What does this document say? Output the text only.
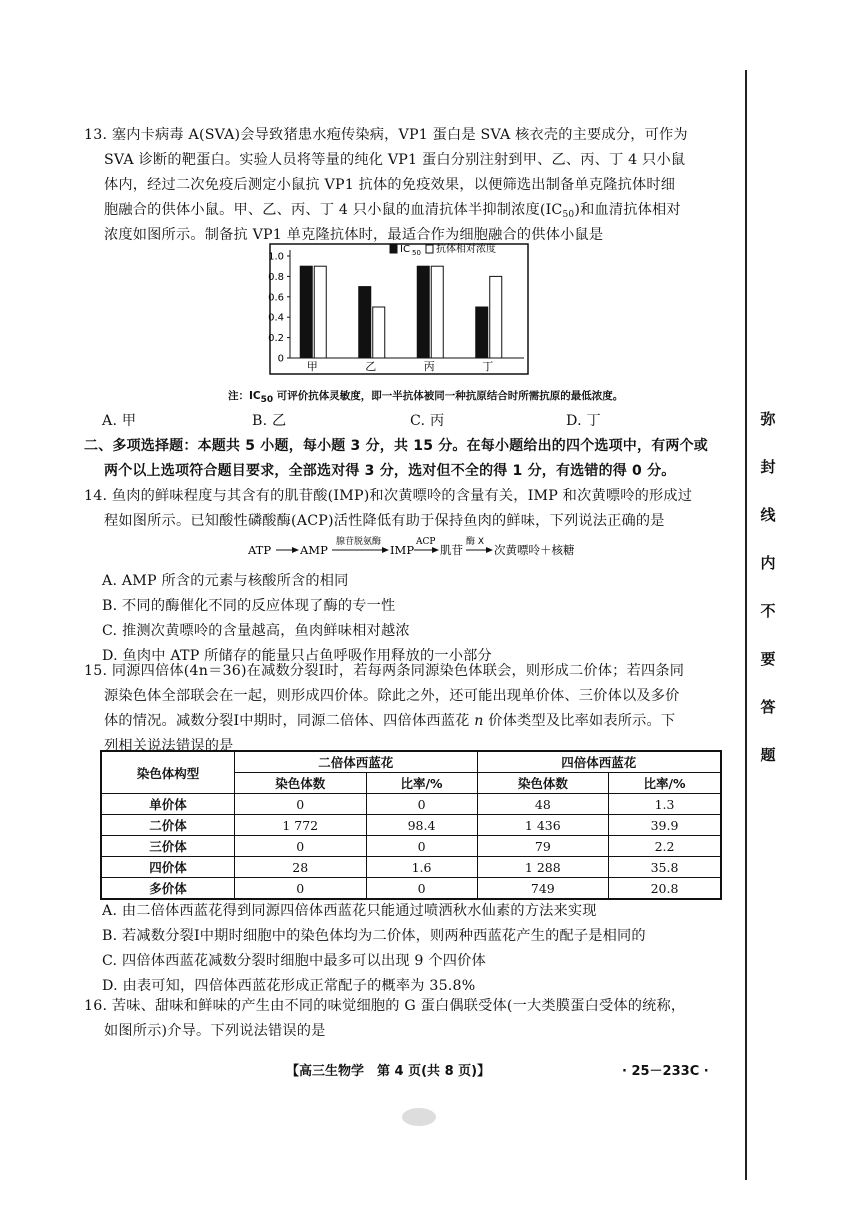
13. 塞内卡病毒 A(SVA)会导致猪患水疱传染病，VP1 蛋白是 SVA 核衣壳的主要成分，可作为
SVA 诊断的靶蛋白。实验人员将等量的纯化 VP1 蛋白分别注射到甲、乙、丙、丁 4 只小鼠
体内，经过二次免疫后测定小鼠抗 VP1 抗体的免疫效果，以便筛选出制备单克隆抗体时细
胞融合的供体小鼠。甲、乙、丙、丁 4 只小鼠的血清抗体半抑制浓度$(IC_{50})$和血清抗体相对
浓度如图所示。制备抗 VP1 单克隆抗体时，最适合作为细胞融合的供体小鼠是
1.0
0.8
0.6
0.4
0.2
0
甲	乙	丙	丁
IC 50 抗体相对浓度
注：IC50 可评价抗体灵敏度，即一半抗体被同一种抗原结合时所需抗原的最低浓度。
A. 甲	B. 乙	C. 丙	D. 丁
二、多项选择题：本题共 5 小题，每小题 3 分，共 15 分。在每小题给出的四个选项中，有两个或
两个以上选项符合题目要求，全部选对得 3 分，选对但不全的得 1 分，有选错的得 0 分。
14. 鱼肉的鲜味程度与其含有的肌苷酸(IMP)和次黄嘌呤的含量有关，IMP 和次黄嘌呤的形成过
程如图所示。已知酸性磷酸酶(ACP)活性降低有助于保持鱼肉的鲜味，下列说法正确的是
ATP	AMP
腺苷脱氨酶
IMP
ACP
肌苷
酶 X
次黄嘌呤＋核糖
A. AMP 所含的元素与核酸所含的相同
B. 不同的酶催化不同的反应体现了酶的专一性
C. 推测次黄嘌呤的含量越高，鱼肉鲜味相对越浓
D. 鱼肉中 ATP 所储存的能量只占鱼呼吸作用释放的一小部分
15. 同源四倍体(4n＝36)在减数分裂Ⅰ时，若每两条同源染色体联会，则形成二价体；若四条同
源染色体全部联会在一起，则形成四价体。除此之外，还可能出现单价体、三价体以及多价
体的情况。减数分裂Ⅰ中期时，同源二倍体、四倍体西蓝花 n 价体类型及比率如表所示。下
列相关说法错误的是
染色体构型	二倍体西蓝花		四倍体西蓝花	
	染色体数	比率/%	染色体数	比率/%
单价体	0	0	48	1.3
二价体	1 772	98.4	1 436	39.9
三价体	0	0	79	2.2
四价体	28	1.6	1 288	35.8
多价体	0	0	749	20.8
A. 由二倍体西蓝花得到同源四倍体西蓝花只能通过喷洒秋水仙素的方法来实现
B. 若减数分裂Ⅰ中期时细胞中的染色体均为二价体，则两种西蓝花产生的配子是相同的
C. 四倍体西蓝花减数分裂时细胞中最多可以出现 9 个四价体
D. 由表可知，四倍体西蓝花形成正常配子的概率为 35.8%
16. 苦味、甜味和鲜味的产生由不同的味觉细胞的 G 蛋白偶联受体(一大类膜蛋白受体的统称，
如图所示)介导。下列说法错误的是
【高三生物学　第 4 页(共 8 页)】	· 25－233C ·
弥
封
线
内
不
要
答
题
